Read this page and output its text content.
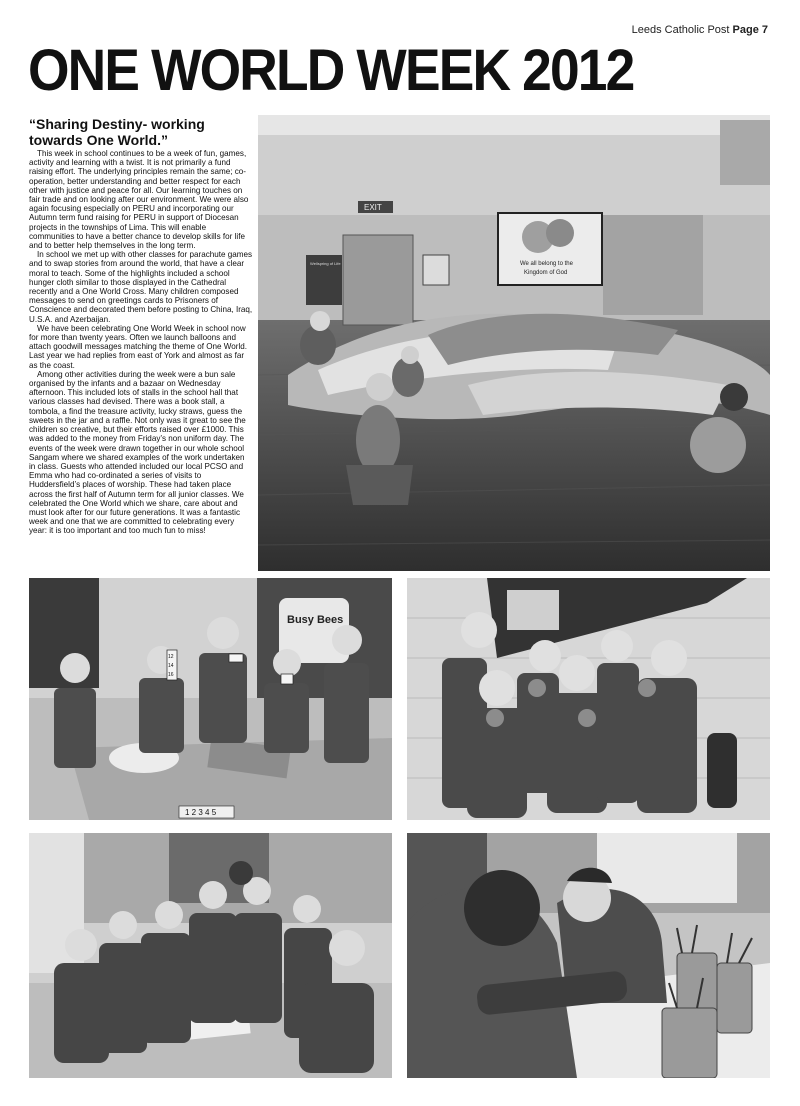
Leeds Catholic Post Page 7
ONE WORLD WEEK 2012
“Sharing Destiny- working towards One World.”

This week in school continues to be a week of fun, games, activity and learning with a twist. It is not primarily a fund raising effort. The underlying principles remain the same; co-operation, better understanding and better respect for each other with justice and peace for all. Our learning touches on fair trade and on looking after our environment. We were also again focusing especially on PERU and incorporating our Autumn term fund raising for PERU in support of Diocesan projects in the townships of Lima. This will enable communities to have a better chance to develop skills for life and to better help themselves in the long term.

In school we met up with other classes for parachute games and to swap stories from around the world, that have a clear moral to teach. Some of the highlights included a school hunger cloth similar to those displayed in the Cathedral recently and a One World Cross. Many children composed messages to send on greetings cards to Prisoners of Conscience and decorated them before posting to China, Iraq, U.S.A. and Azerbaijan.

We have been celebrating One World Week in school now for more than twenty years. Often we launch balloons and attach goodwill messages matching the theme of One World. Last year we had replies from east of York and almost as far as the coast.

Among other activities during the week were a bun sale organised by the infants and a bazaar on Wednesday afternoon. This included lots of stalls in the school hall that various classes had devised. There was a book stall, a tombola, a find the treasure activity, lucky straws, guess the sweets in the jar and a raffle. Not only was it great to see the children so creative, but their efforts raised over £1000. This was added to the money from Friday’s non uniform day. The events of the week were drawn together in our whole school Sangam where we shared examples of the work undertaken in class. Guests who attended included our local PCSO and Emma who had co-ordinated a series of visits to Huddersfield’s places of worship. These had taken place across the first half of Autumn term for all junior classes. We celebrated the One World which we share, care about and must look after for our future generations. It was a fantastic week and one that we are committed to celebrating every year: it is too important and too much fun to miss!

EXIT
Wellspring of Life	We all belong to the
Kingdom of God
Busy Bees
12
14
16
1 2 3 4 5
